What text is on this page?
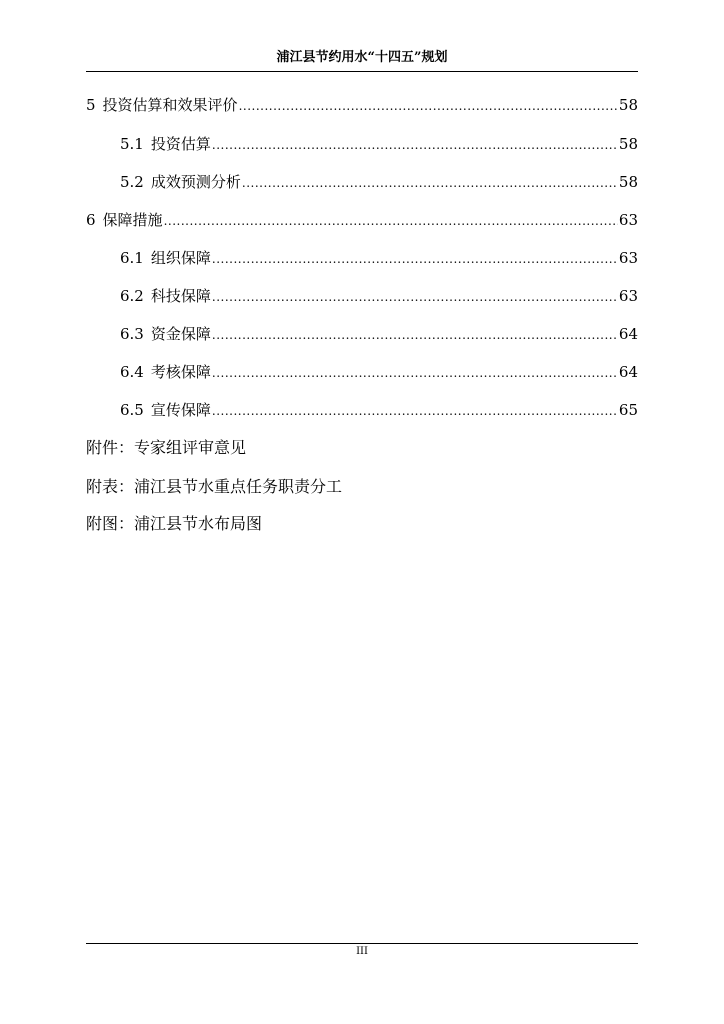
浦江县节约用水“十四五”规划
5 投资估算和效果评价 .....	58
5.1 投资估算 .....	58
5.2 成效预测分析 .....	58
6 保障措施 .....	63
6.1 组织保障 .....	63
6.2 科技保障 .....	63
6.3 资金保障 .....	64
6.4 考核保障 .....	64
6.5 宣传保障 .....	65
附件：专家组评审意见
附表：浦江县节水重点任务职责分工
附图：浦江县节水布局图
III
